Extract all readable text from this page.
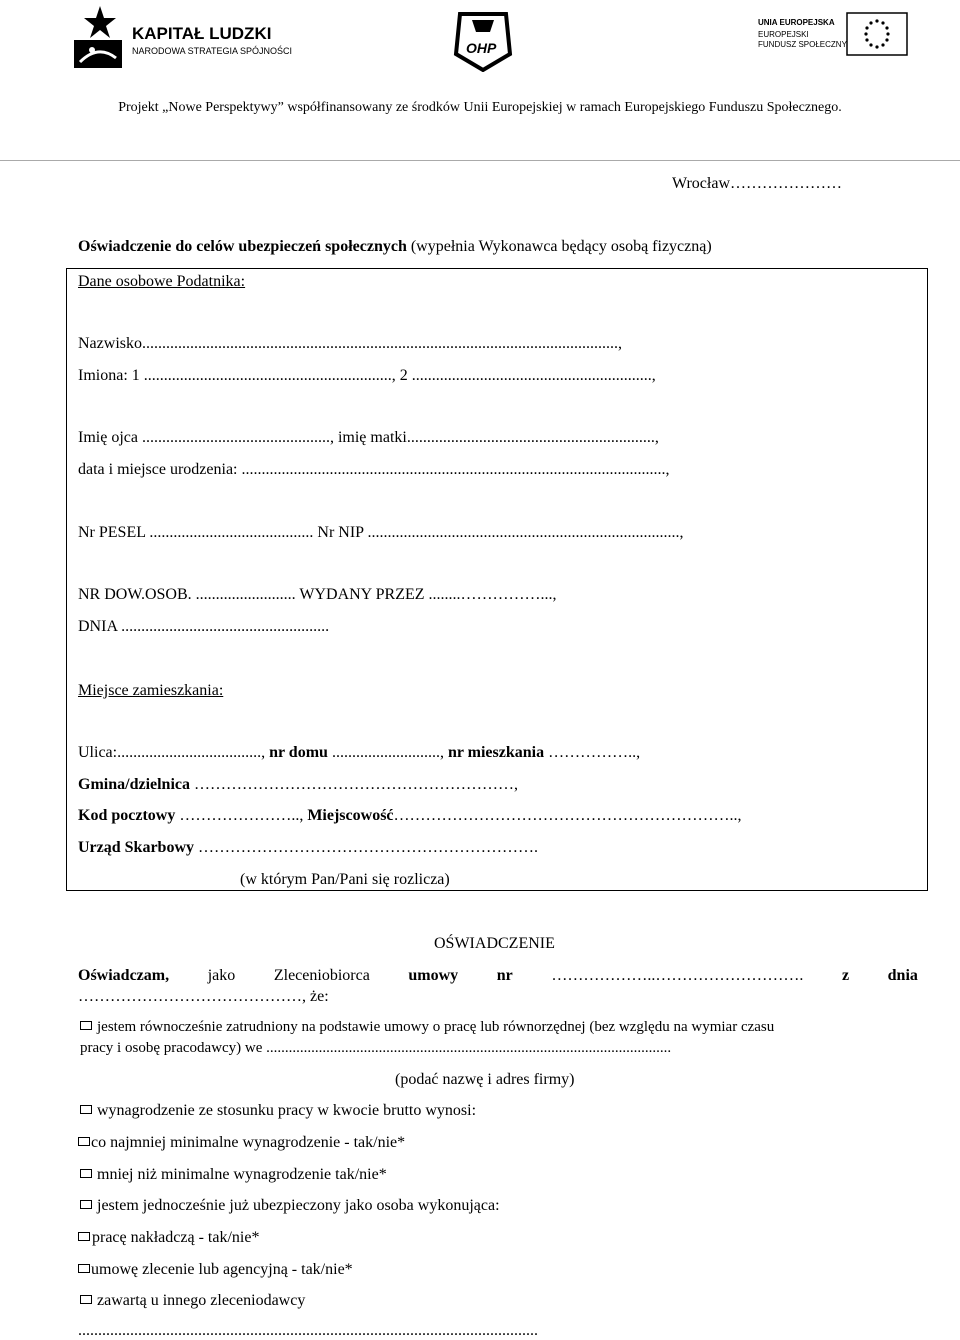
KAPITAŁ LUDZKI
NARODOWA STRATEGIA SPÓJNOŚCI	OHP
UNIA EUROPEJSKA
EUROPEJSKI
FUNDUSZ SPOŁECZNY
Projekt „Nowe Perspektywy” współfinansowany ze środków Unii Europejskiej w ramach Europejskiego Funduszu Społecznego.
Wrocław…………………
Oświadczenie do celów ubezpieczeń społecznych (wypełnia Wykonawca będący osobą fizyczną)
Dane osobowe Podatnika:
Nazwisko.......................................................................................................................,
Imiona: 1 .............................................................., 2 ............................................................,
Imię ojca ..............................................., imię matki..............................................................,
data i miejsce urodzenia: ..........................................................................................................,
Nr PESEL ......................................... Nr NIP ..............................................................................,
NR DOW.OSOB. ......................... WYDANY PRZEZ ........……………...,
DNIA ....................................................
Miejsce zamieszkania:
Ulica:...................................., nr domu ..........................., nr mieszkania ……………..,
Gmina/dzielnica ……………………………………………………,
Kod pocztowy ………………….., Miejscowość………………………………………………………..,
Urząd Skarbowy ……………………………………………………….
(w którym Pan/Pani się rozlicza)
OŚWIADCZENIE
Oświadczam, jako Zleceniobiorca umowy nr ………………..………………………. z dnia
……………………………………, że:
jestem równocześnie zatrudniony na podstawie umowy o pracę lub równorzędnej (bez względu na wymiar czasu
pracy i osobę pracodawcy) we ............................................................................................................
(podać nazwę i adres firmy)
wynagrodzenie ze stosunku pracy w kwocie brutto wynosi:
co najmniej minimalne wynagrodzenie - tak/nie*
mniej niż minimalne wynagrodzenie tak/nie*
jestem jednocześnie już ubezpieczony jako osoba wykonująca:
pracę nakładczą - tak/nie*
umowę zlecenie lub agencyjną - tak/nie*
zawartą u innego zleceniodawcy
...................................................................................................................
